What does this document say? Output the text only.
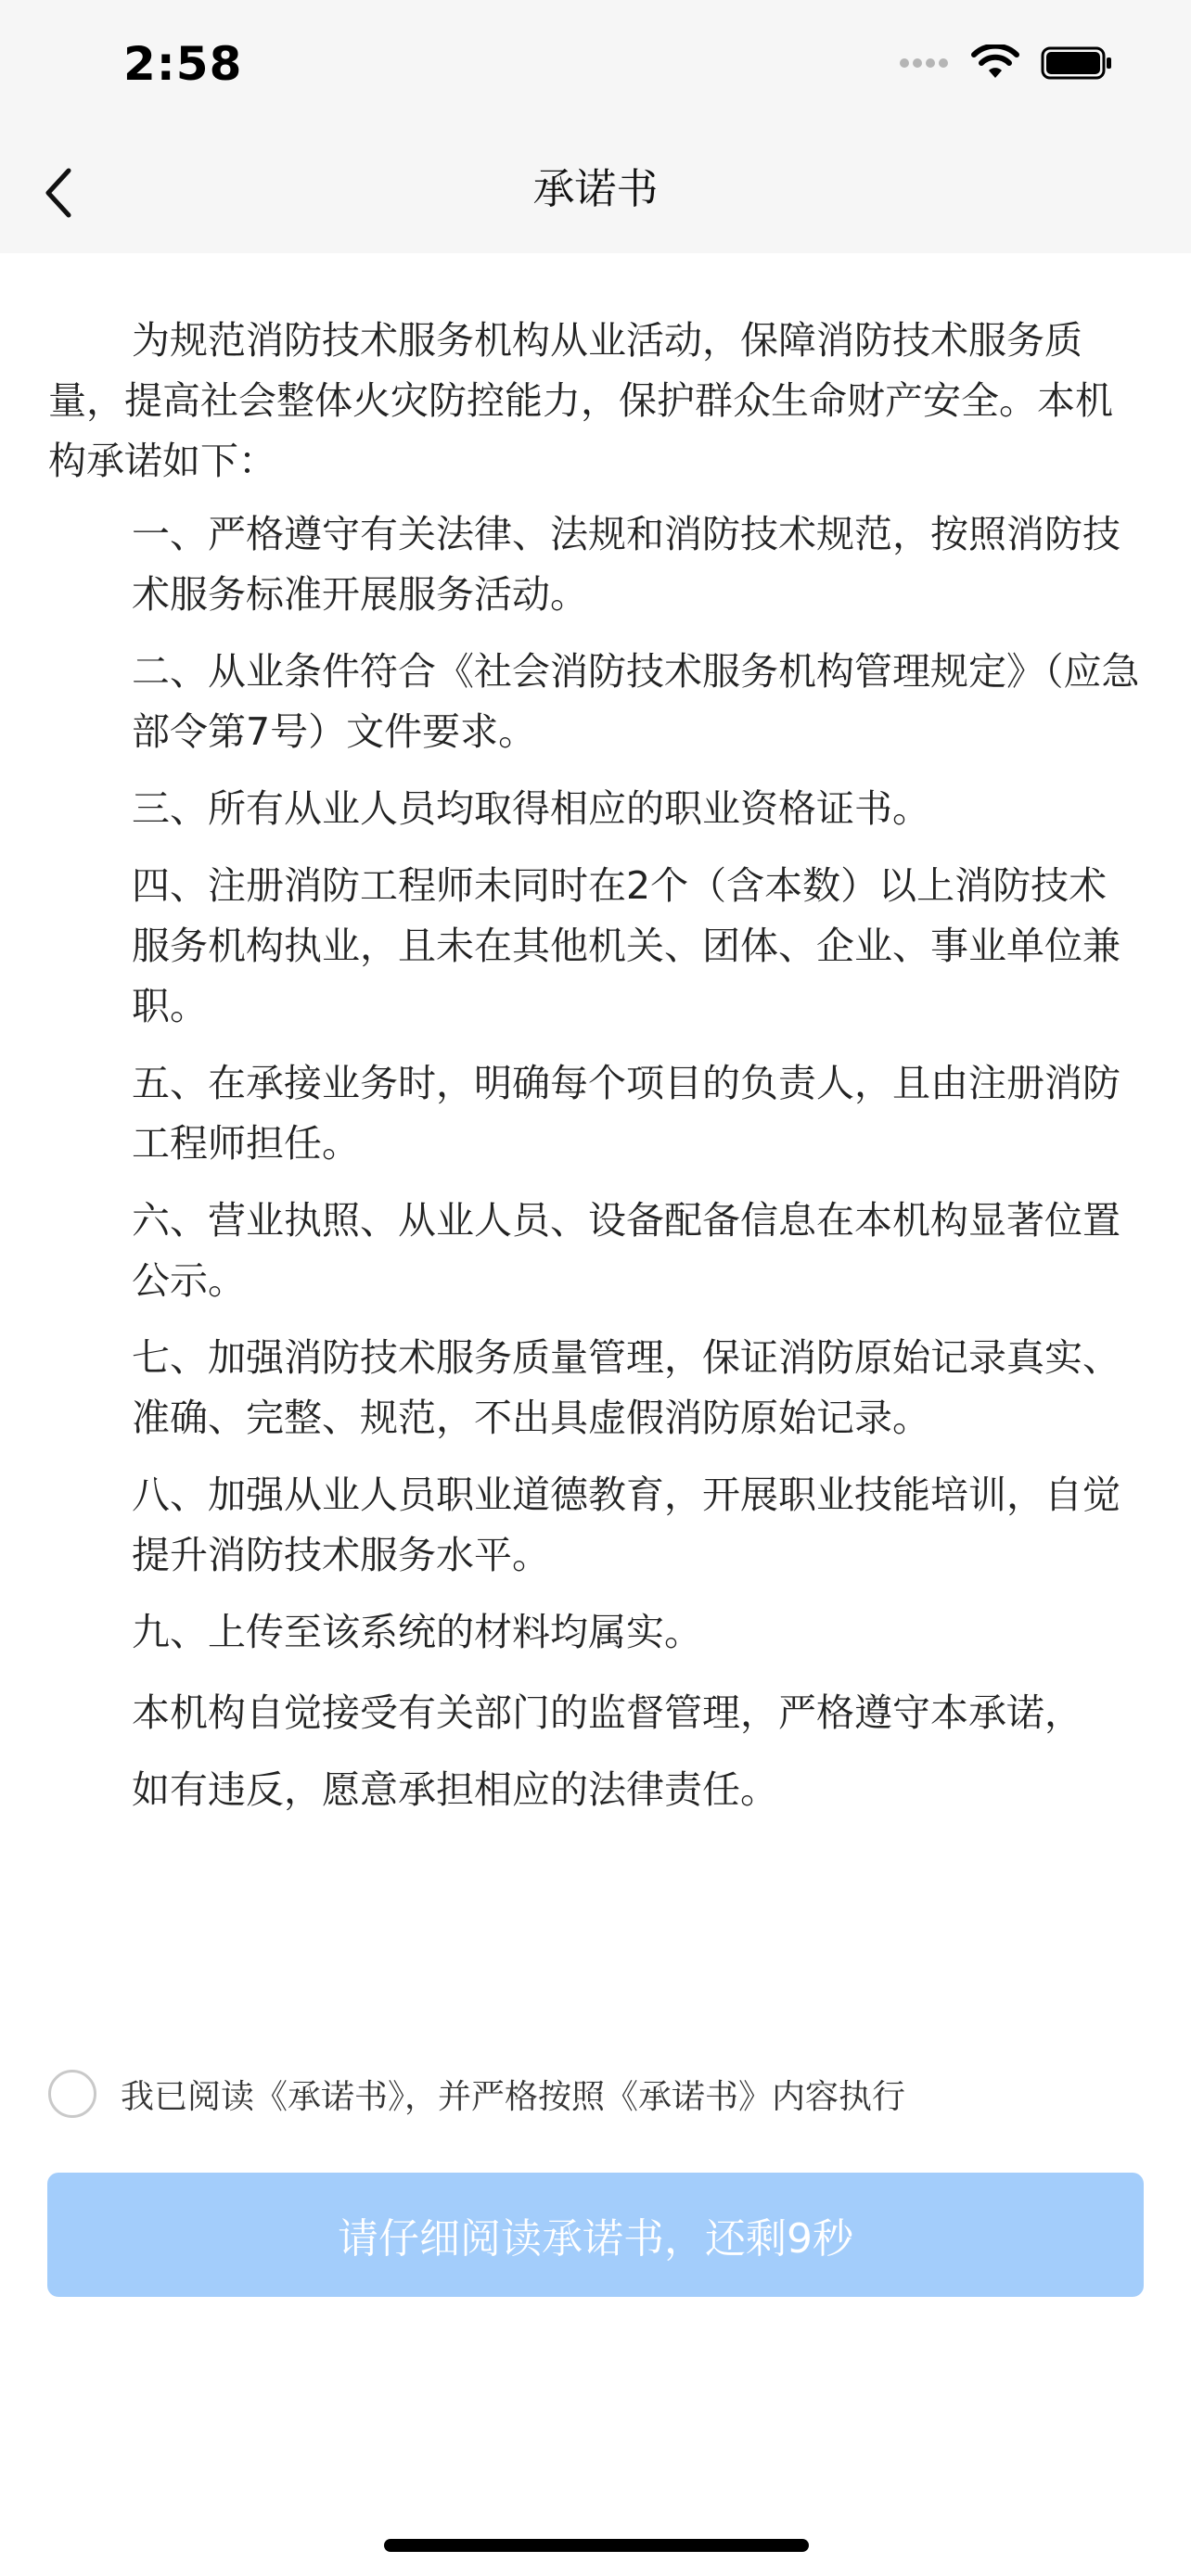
2:58
承诺书

为规范消防技术服务机构从业活动，保障消防技术服务质量，提高社会整体火灾防控能力，保护群众生命财产安全。本机构承诺如下：

一、严格遵守有关法律、法规和消防技术规范，按照消防技术服务标准开展服务活动。

二、从业条件符合《社会消防技术服务机构管理规定》（应急部令第7号）文件要求。

三、所有从业人员均取得相应的职业资格证书。

四、注册消防工程师未同时在2个（含本数）以上消防技术服务机构执业，且未在其他机关、团体、企业、事业单位兼职。

五、在承接业务时，明确每个项目的负责人，且由注册消防工程师担任。

六、营业执照、从业人员、设备配备信息在本机构显著位置公示。

七、加强消防技术服务质量管理，保证消防原始记录真实、准确、完整、规范，不出具虚假消防原始记录。

八、加强从业人员职业道德教育，开展职业技能培训，自觉提升消防技术服务水平。

九、上传至该系统的材料均属实。

本机构自觉接受有关部门的监督管理，严格遵守本承诺，

如有违反，愿意承担相应的法律责任。

我已阅读《承诺书》，并严格按照《承诺书》内容执行
请仔细阅读承诺书，还剩9秒
